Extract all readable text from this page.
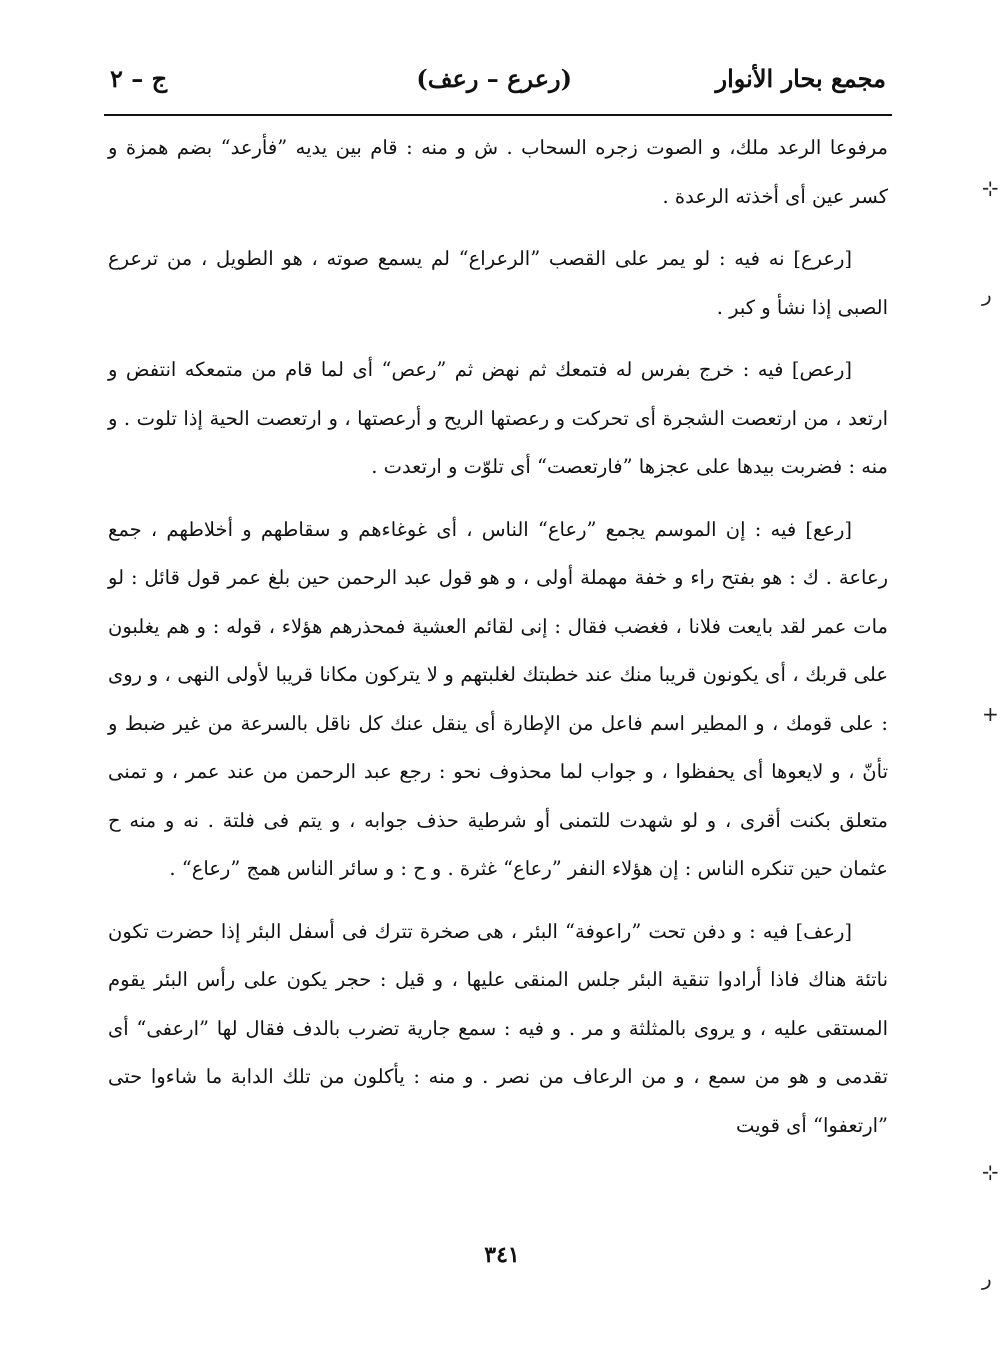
مجمع بحار الأنوار
(رعرع – رعف)
ج – ٢

مرفوعا الرعد ملك، و الصوت زجره السحاب . ش و منه : قام بين يديه ”فأرعد“ بضم همزة و كسر عين أى أخذته الرعدة .

[رعرع] نه فيه : لو يمر على القصب ”الرعراع“ لم يسمع صوته ، هو الطويل ، من ترعرع الصبى إذا نشأ و كبر .

[رعص] فيه : خرج بفرس له فتمعك ثم نهض ثم ”رعص“ أى لما قام من متمعكه انتفض و ارتعد ، من ارتعصت الشجرة أى تحركت و رعصتها الريح و أرعصتها ، و ارتعصت الحية إذا تلوت . و منه : فضربت بيدها على عجزها ”فارتعصت“ أى تلوّت و ارتعدت .

[رعع] فيه : إن الموسم يجمع ”رعاع“ الناس ، أى غوغاءهم و سقاطهم و أخلاطهم ، جمع رعاعة . ك : هو بفتح راء و خفة مهملة أولى ، و هو قول عبد الرحمن حين بلغ عمر قول قائل : لو مات عمر لقد بايعت فلانا ، فغضب فقال : إنى لقائم العشية فمحذرهم هؤلاء ، قوله : و هم يغلبون على قربك ، أى يكونون قريبا منك عند خطبتك لغلبتهم و لا يتركون مكانا قريبا لأولى النهى ، و روى : على قومك ، و المطير اسم فاعل من الإطارة أى ينقل عنك كل ناقل بالسرعة من غير ضبط و تأنّ ، و لايعوها أى يحفظوا ، و جواب لما محذوف نحو : رجع عبد الرحمن من عند عمر ، و تمنى متعلق بكنت أقرى ، و لو شهدت للتمنى أو شرطية حذف جوابه ، و يتم فى فلتة . نه و منه ح عثمان حين تنكره الناس : إن هؤلاء النفر ”رعاع“ غثرة . و ح : و سائر الناس همج ”رعاع“ .

[رعف] فيه : و دفن تحت ”راعوفة“ البئر ، هى صخرة تترك فى أسفل البئر إذا حضرت تكون ناتئة هناك فاذا أرادوا تنقية البئر جلس المنقى عليها ، و قيل : حجر يكون على رأس البئر يقوم المستقى عليه ، و يروى بالمثلثة و مر . و فيه : سمع جارية تضرب بالدف فقال لها ”ارعفى“ أى تقدمى و هو من سمع ، و من الرعاف من نصر . و منه : يأكلون من تلك الدابة ما شاءوا حتى ”ارتعفوا“ أى قويت

٣٤١
⊹
ر
+
⊹
ر
